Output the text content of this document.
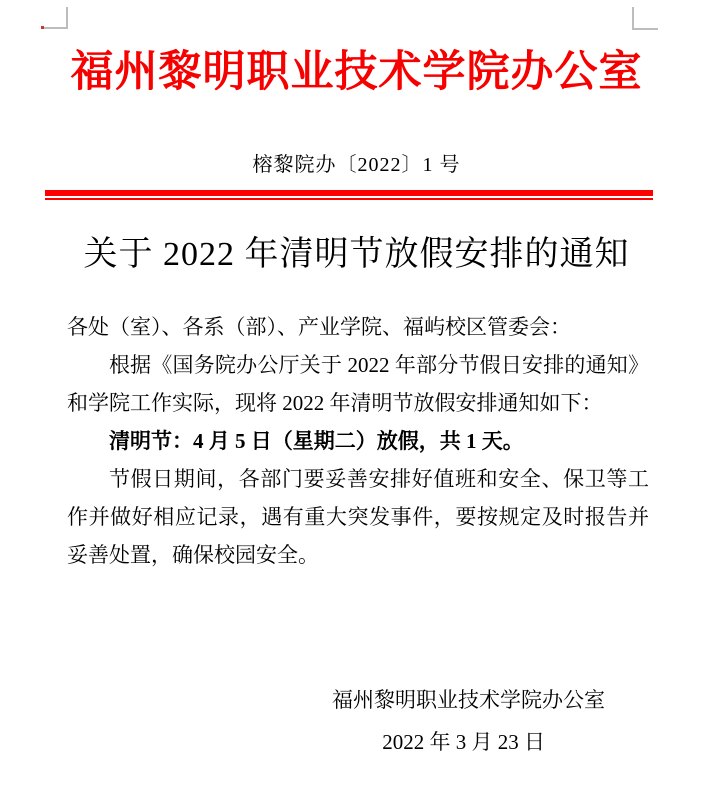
福州黎明职业技术学院办公室
榕黎院办〔2022〕1 号
关于 2022 年清明节放假安排的通知

各处（室）、各系（部）、产业学院、福屿校区管委会：

根据《国务院办公厅关于 2022 年部分节假日安排的通知》和学院工作实际，现将 2022 年清明节放假安排通知如下：

清明节：4 月 5 日（星期二）放假，共 1 天。

节假日期间，各部门要妥善安排好值班和安全、保卫等工作并做好相应记录，遇有重大突发事件，要按规定及时报告并妥善处置，确保校园安全。

福州黎明职业技术学院办公室
2022 年 3 月 23 日
